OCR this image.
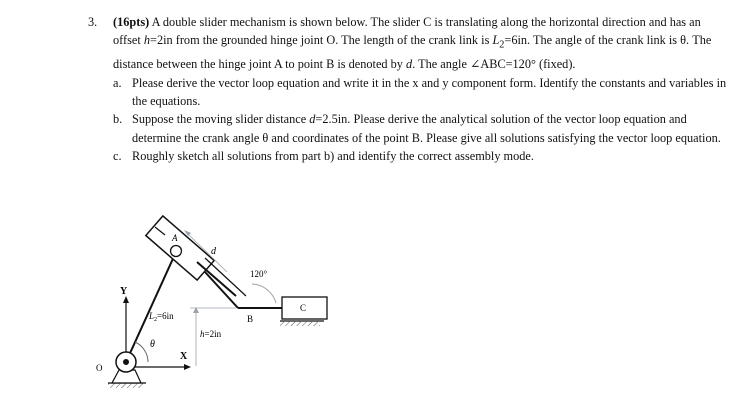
3. (16pts) A double slider mechanism is shown below. The slider C is translating along the horizontal direction and has an offset h=2in from the grounded hinge joint O. The length of the crank link is $L_2=6in$. The angle of the crank link is θ. The distance between the hinge joint A to point B is denoted by d. The angle ∠ABC=120° (fixed).
a. Please derive the vector loop equation and write it in the x and y component form. Identify the constants and variables in the equations.
b. Suppose the moving slider distance d=2.5in. Please derive the analytical solution of the vector loop equation and determine the crank angle θ and coordinates of the point B. Please give all solutions satisfying the vector loop equation.
c. Roughly sketch all solutions from part b) and identify the correct assembly mode.
A
d
120°
B
C
Y
X
$L_2=6in$
θ
h=2in
O
